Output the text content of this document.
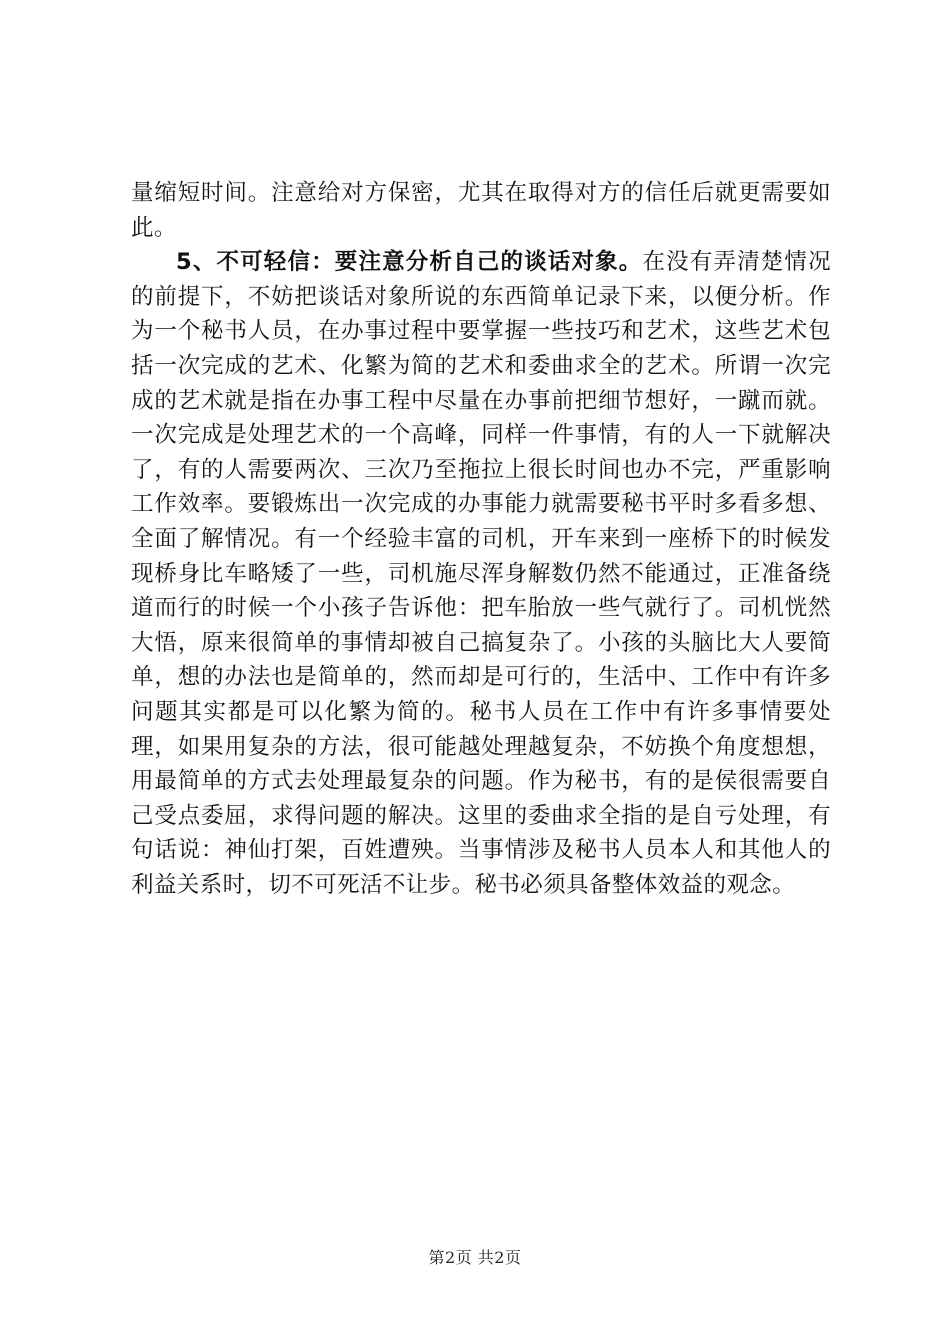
量缩短时间。注意给对方保密，尤其在取得对方的信任后就更需要如此。

5、不可轻信：要注意分析自己的谈话对象。在没有弄清楚情况的前提下，不妨把谈话对象所说的东西简单记录下来，以便分析。作为一个秘书人员，在办事过程中要掌握一些技巧和艺术，这些艺术包括一次完成的艺术、化繁为简的艺术和委曲求全的艺术。所谓一次完成的艺术就是指在办事工程中尽量在办事前把细节想好，一蹴而就。一次完成是处理艺术的一个高峰，同样一件事情，有的人一下就解决了，有的人需要两次、三次乃至拖拉上很长时间也办不完，严重影响工作效率。要锻炼出一次完成的办事能力就需要秘书平时多看多想、全面了解情况。有一个经验丰富的司机，开车来到一座桥下的时候发现桥身比车略矮了一些，司机施尽浑身解数仍然不能通过，正准备绕道而行的时候一个小孩子告诉他：把车胎放一些气就行了。司机恍然大悟，原来很简单的事情却被自己搞复杂了。小孩的头脑比大人要简单，想的办法也是简单的，然而却是可行的，生活中、工作中有许多问题其实都是可以化繁为简的。秘书人员在工作中有许多事情要处理，如果用复杂的方法，很可能越处理越复杂，不妨换个角度想想，用最简单的方式去处理最复杂的问题。作为秘书，有的是侯很需要自己受点委屈，求得问题的解决。这里的委曲求全指的是自亏处理，有句话说：神仙打架，百姓遭殃。当事情涉及秘书人员本人和其他人的利益关系时，切不可死活不让步。秘书必须具备整体效益的观念。

第2页 共2页
